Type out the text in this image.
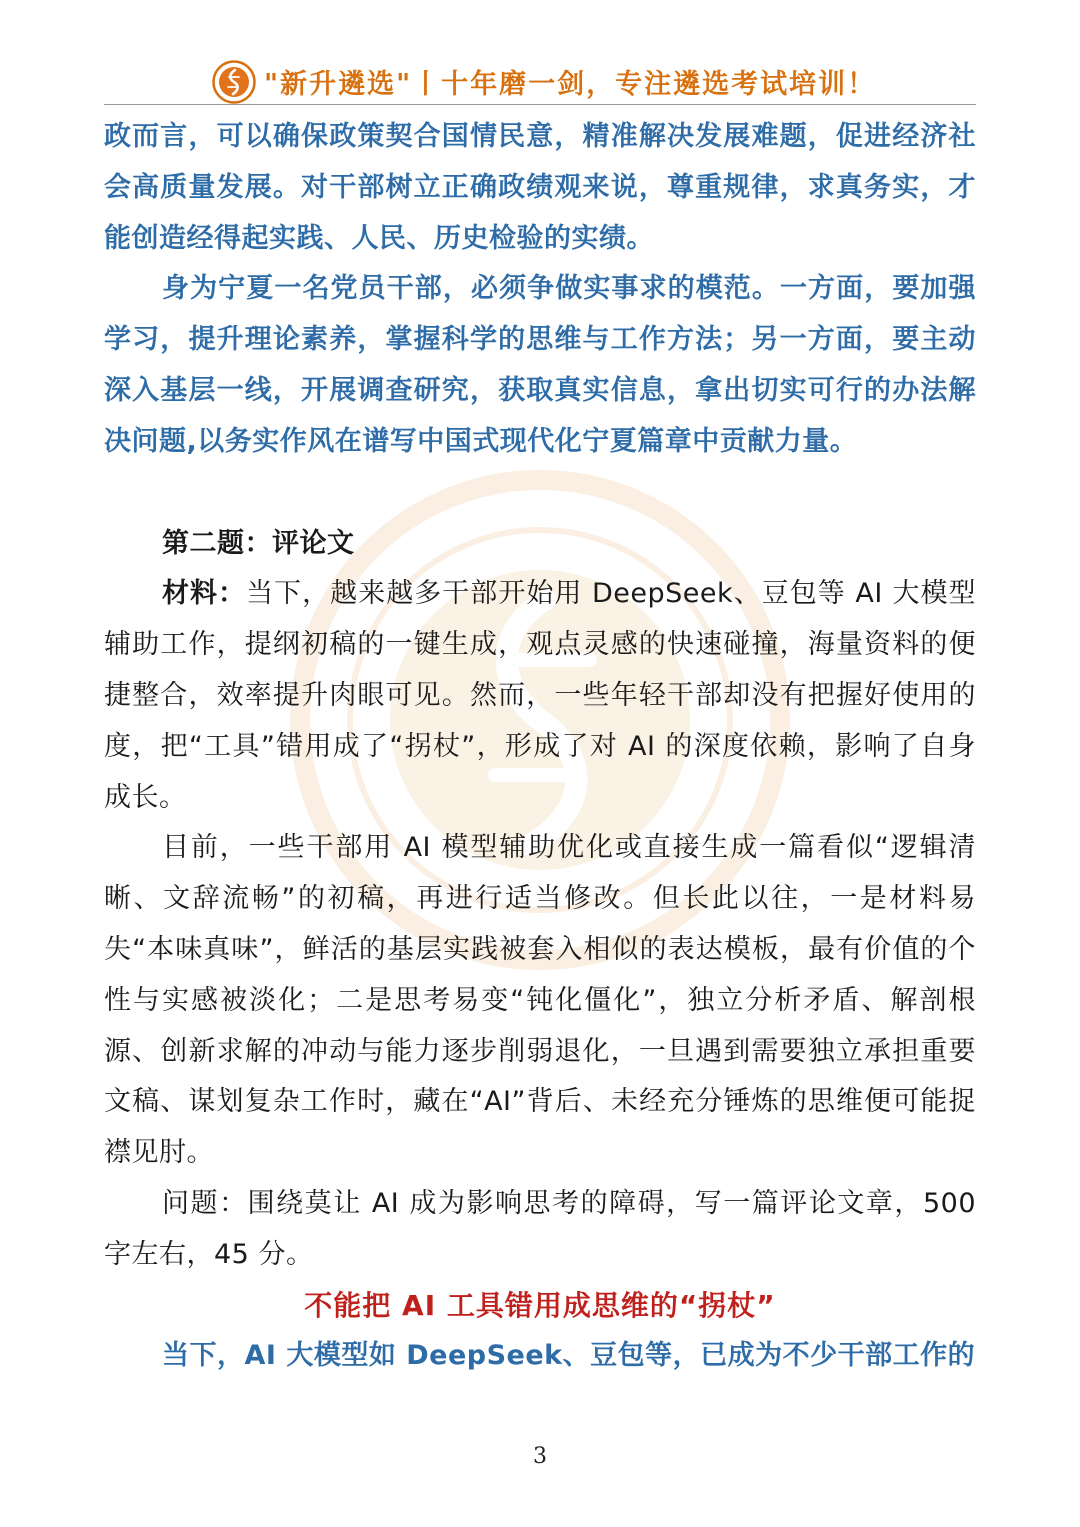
"新升遴选"丨十年磨一剑，专注遴选考试培训！

政而言，可以确保政策契合国情民意，精准解决发展难题，促进经济社会高质量发展。对干部树立正确政绩观来说，尊重规律，求真务实，才能创造经得起实践、人民、历史检验的实绩。

身为宁夏一名党员干部，必须争做实事求的模范。一方面，要加强学习，提升理论素养，掌握科学的思维与工作方法；另一方面，要主动深入基层一线，开展调查研究，获取真实信息，拿出切实可行的办法解决问题,以务实作风在谱写中国式现代化宁夏篇章中贡献力量。

第二题：评论文

材料：当下，越来越多干部开始用 DeepSeek、豆包等 AI 大模型辅助工作，提纲初稿的一键生成，观点灵感的快速碰撞，海量资料的便捷整合，效率提升肉眼可见。然而，一些年轻干部却没有把握好使用的度，把“工具”错用成了“拐杖”，形成了对 AI 的深度依赖，影响了自身成长。

目前，一些干部用 AI 模型辅助优化或直接生成一篇看似“逻辑清晰、文辞流畅”的初稿，再进行适当修改。但长此以往，一是材料易失“本味真味”，鲜活的基层实践被套入相似的表达模板，最有价值的个性与实感被淡化；二是思考易变“钝化僵化”，独立分析矛盾、解剖根源、创新求解的冲动与能力逐步削弱退化，一旦遇到需要独立承担重要文稿、谋划复杂工作时，藏在“AI”背后、未经充分锤炼的思维便可能捉襟见肘。

问题：围绕莫让 AI 成为影响思考的障碍，写一篇评论文章，500 字左右，45 分。

不能把 AI 工具错用成思维的“拐杖”

当下，AI 大模型如 DeepSeek、豆包等，已成为不少干部工作的

3
